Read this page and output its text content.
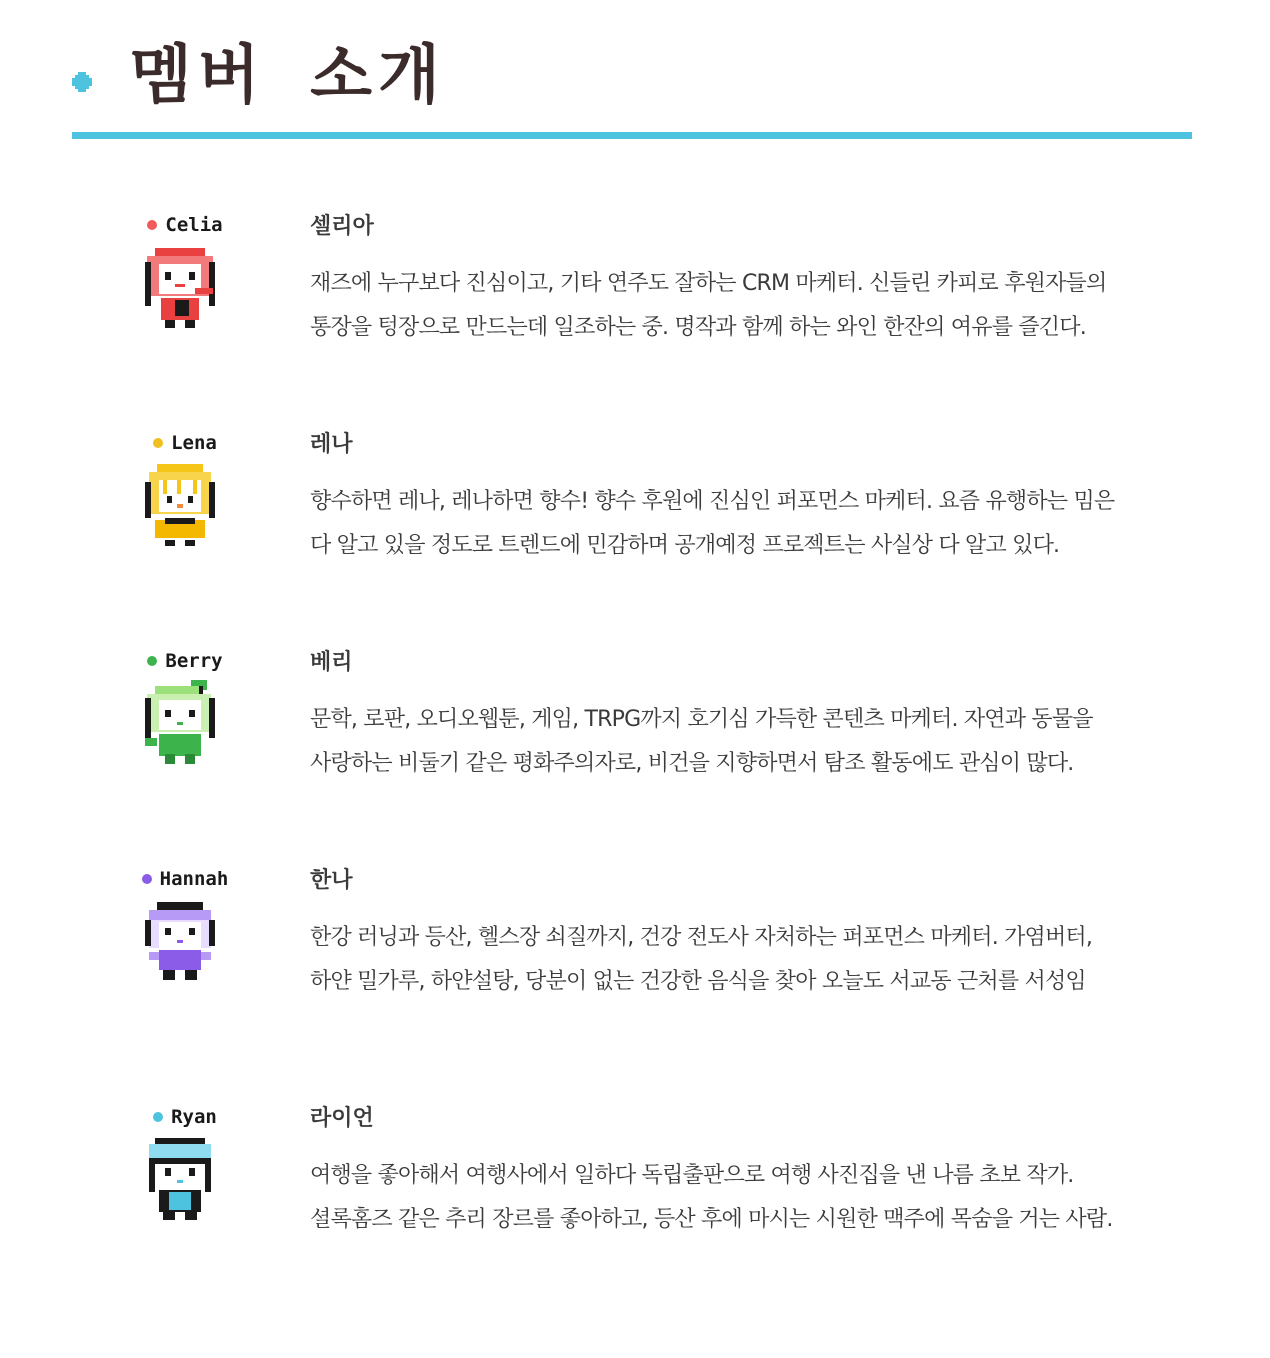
멤버 소개
Celia	셀리아
재즈에 누구보다 진심이고, 기타 연주도 잘하는 CRM 마케터. 신들린 카피로 후원자들의
통장을 텅장으로 만드는데 일조하는 중. 명작과 함께 하는 와인 한잔의 여유를 즐긴다.
Lena	레나
향수하면 레나, 레나하면 향수! 향수 후원에 진심인 퍼포먼스 마케터. 요즘 유행하는 밈은
다 알고 있을 정도로 트렌드에 민감하며 공개예정 프로젝트는 사실상 다 알고 있다.
Berry	베리
문학, 로판, 오디오웹툰, 게임, TRPG까지 호기심 가득한 콘텐츠 마케터. 자연과 동물을
사랑하는 비둘기 같은 평화주의자로, 비건을 지향하면서 탐조 활동에도 관심이 많다.
Hannah	한나
한강 러닝과 등산, 헬스장 쇠질까지, 건강 전도사 자처하는 퍼포먼스 마케터. 가염버터,
하얀 밀가루, 하얀설탕, 당분이 없는 건강한 음식을 찾아 오늘도 서교동 근처를 서성임
Ryan	라이언
여행을 좋아해서 여행사에서 일하다 독립출판으로 여행 사진집을 낸 나름 초보 작가.
셜록홈즈 같은 추리 장르를 좋아하고, 등산 후에 마시는 시원한 맥주에 목숨을 거는 사람.
